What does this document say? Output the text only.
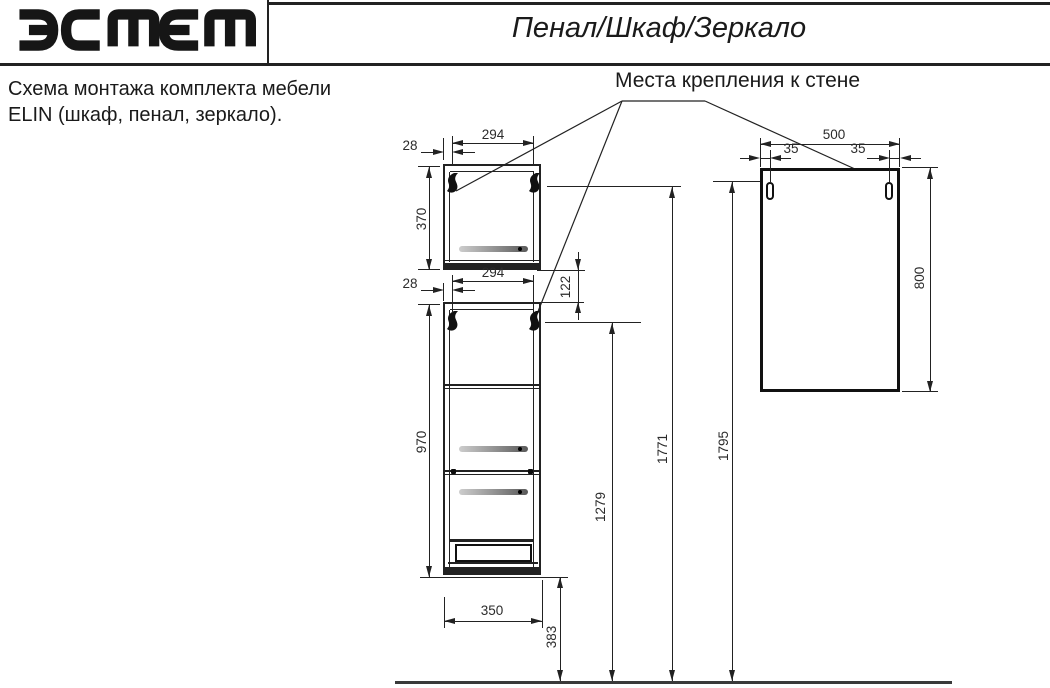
Пенал/Шкаф/Зеркало
Схема монтажа комплекта мебели
ELIN (шкаф, пенал, зеркало).
Места крепления к стене
294
28
370
122
294
28
970
350
383
1279
1771	1795
500
35	35
800
